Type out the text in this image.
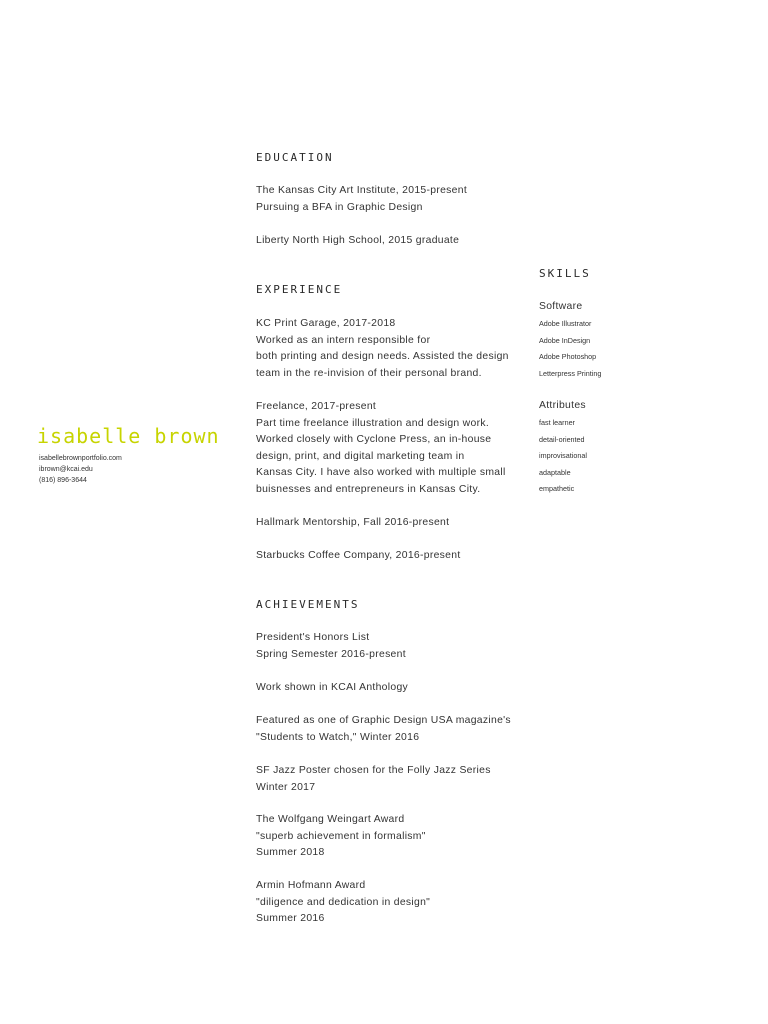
isabelle brown
isabellebrownportfolio.com
ibrown@kcai.edu
(816) 896-3644
EDUCATION
The Kansas City Art Institute, 2015-present
Pursuing a BFA in Graphic Design
Liberty North High School, 2015 graduate
EXPERIENCE
KC Print Garage, 2017-2018
Worked as an intern responsible for
both printing and design needs. Assisted the design
team in the re-invision of their personal brand.
Freelance, 2017-present
Part time freelance illustration and design work.
Worked closely with Cyclone Press, an in-house
design, print, and digital marketing team in
Kansas City. I have also worked with multiple small
buisnesses and entrepreneurs in Kansas City.
Hallmark Mentorship, Fall 2016-present
Starbucks Coffee Company, 2016-present
ACHIEVEMENTS
President's Honors List
Spring Semester 2016-present
Work shown in KCAI Anthology
Featured as one of Graphic Design USA magazine's
"Students to Watch," Winter 2016
SF Jazz Poster chosen for the Folly Jazz Series
Winter 2017
The Wolfgang Weingart Award
"superb achievement in formalism"
Summer 2018
Armin Hofmann Award
"diligence and dedication in design"
Summer 2016
SKILLS
Software
Adobe Illustrator
Adobe InDesign
Adobe Photoshop
Letterpress Printing
Attributes
fast learner
detail-oriented
improvisational
adaptable
empathetic
